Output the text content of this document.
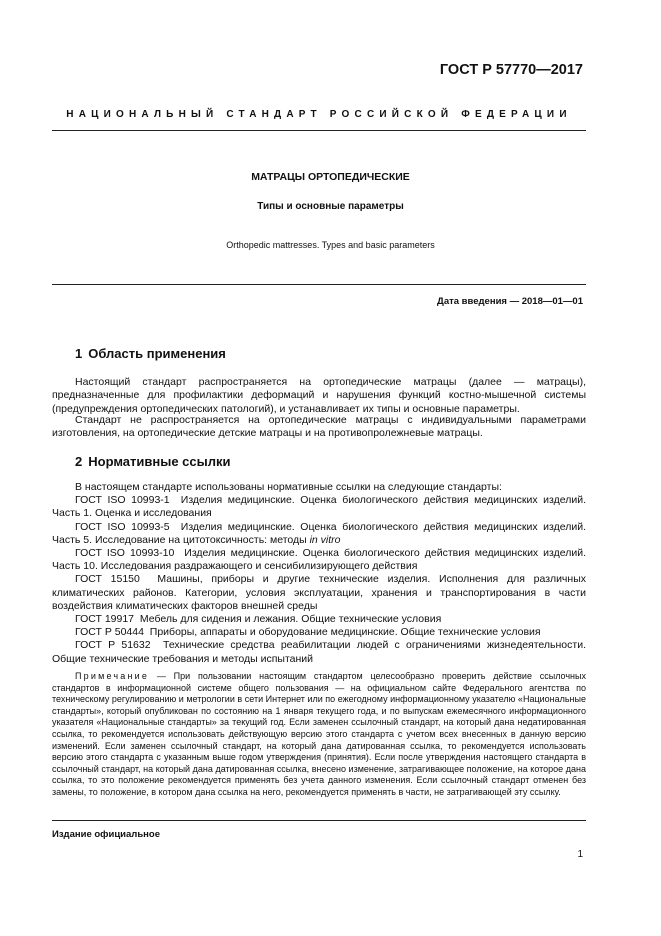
ГОСТ Р 57770—2017
НАЦИОНАЛЬНЫЙ СТАНДАРТ РОССИЙСКОЙ ФЕДЕРАЦИИ
МАТРАЦЫ ОРТОПЕДИЧЕСКИЕ
Типы и основные параметры
Orthopedic mattresses. Types and basic parameters
Дата введения — 2018—01—01
1 Область применения

Настоящий стандарт распространяется на ортопедические матрацы (далее — матрацы), предназначенные для профилактики деформаций и нарушения функций костно-мышечной системы (предупреждения ортопедических патологий), и устанавливает их типы и основные параметры.

Стандарт не распространяется на ортопедические матрацы с индивидуальными параметрами изготовления, на ортопедические детские матрацы и на противопролежневые матрацы.

2 Нормативные ссылки

В настоящем стандарте использованы нормативные ссылки на следующие стандарты:

ГОСТ ISO 10993-1 Изделия медицинские. Оценка биологического действия медицинских изделий. Часть 1. Оценка и исследования

ГОСТ ISO 10993-5 Изделия медицинские. Оценка биологического действия медицинских изделий. Часть 5. Исследование на цитотоксичность: методы in vitro

ГОСТ ISO 10993-10 Изделия медицинские. Оценка биологического действия медицинских изделий. Часть 10. Исследования раздражающего и сенсибилизирующего действия

ГОСТ 15150 Машины, приборы и другие технические изделия. Исполнения для различных климатических районов. Категории, условия эксплуатации, хранения и транспортирования в части воздействия климатических факторов внешней среды

ГОСТ 19917 Мебель для сидения и лежания. Общие технические условия

ГОСТ Р 50444 Приборы, аппараты и оборудование медицинские. Общие технические условия

ГОСТ Р 51632 Технические средства реабилитации людей с ограничениями жизнедеятельности. Общие технические требования и методы испытаний

Примечание — При пользовании настоящим стандартом целесообразно проверить действие ссылочных стандартов в информационной системе общего пользования — на официальном сайте Федерального агентства по техническому регулированию и метрологии в сети Интернет или по ежегодному информационному указателю «Национальные стандарты», который опубликован по состоянию на 1 января текущего года, и по выпускам ежемесячного информационного указателя «Национальные стандарты» за текущий год. Если заменен ссылочный стандарт, на который дана недатированная ссылка, то рекомендуется использовать действующую версию этого стандарта с учетом всех внесенных в данную версию изменений. Если заменен ссылочный стандарт, на который дана датированная ссылка, то рекомендуется использовать версию этого стандарта с указанным выше годом утверждения (принятия). Если после утверждения настоящего стандарта в ссылочный стандарт, на который дана датированная ссылка, внесено изменение, затрагивающее положение, на которое дана ссылка, то это положение рекомендуется применять без учета данного изменения. Если ссылочный стандарт отменен без замены, то положение, в котором дана ссылка на него, рекомендуется применять в части, не затрагивающей эту ссылку.

Издание официальное
1
